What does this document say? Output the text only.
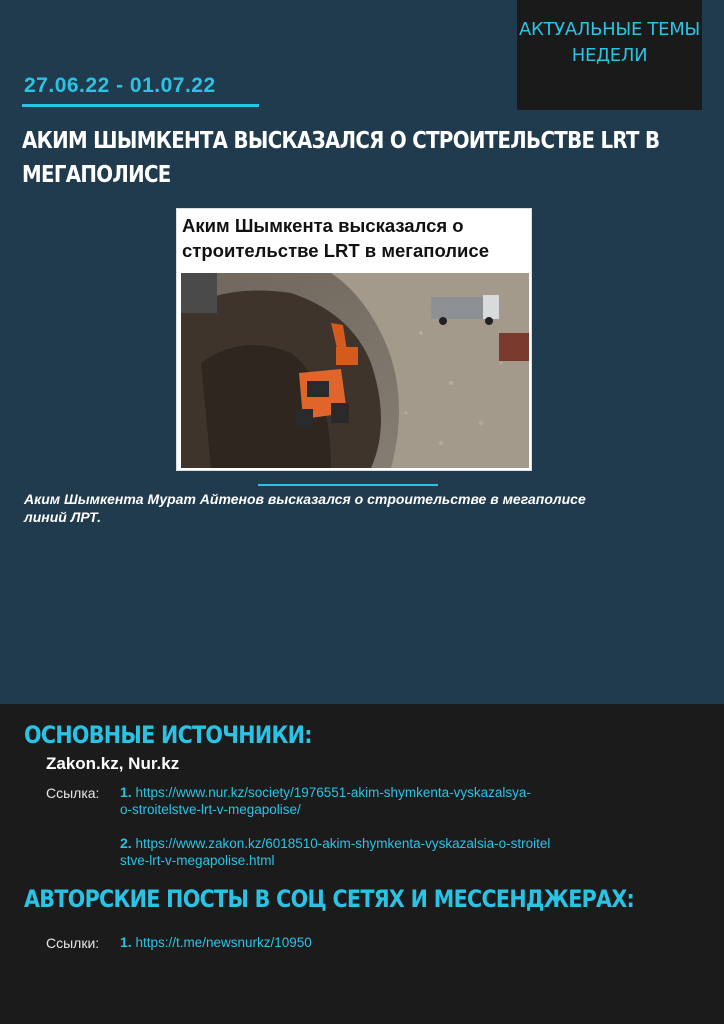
АКТУАЛЬНЫЕ ТЕМЫ
НЕДЕЛИ
27.06.22 - 01.07.22
АКИМ ШЫМКЕНТА ВЫСКАЗАЛСЯ О СТРОИТЕЛЬСТВЕ LRT В
МЕГАПОЛИСЕ
Аким Шымкента высказался о
строительстве LRT в мегаполисе
Аким Шымкента Мурат Айтенов высказался о строительстве в мегаполисе
линий ЛРТ.
ОСНОВНЫЕ ИСТОЧНИКИ:
Zakon.kz, Nur.kz
Ссылка: 1. https://www.nur.kz/society/1976551-akim-shymkenta-vyskazalsya-
o-stroitelstve-lrt-v-megapolise/
2. https://www.zakon.kz/6018510-akim-shymkenta-vyskazalsia-o-stroitel
stve-lrt-v-megapolise.html
АВТОРСКИЕ ПОСТЫ В СОЦ СЕТЯХ И МЕССЕНДЖЕРАХ:
Ссылки: 1. https://t.me/newsnurkz/10950
